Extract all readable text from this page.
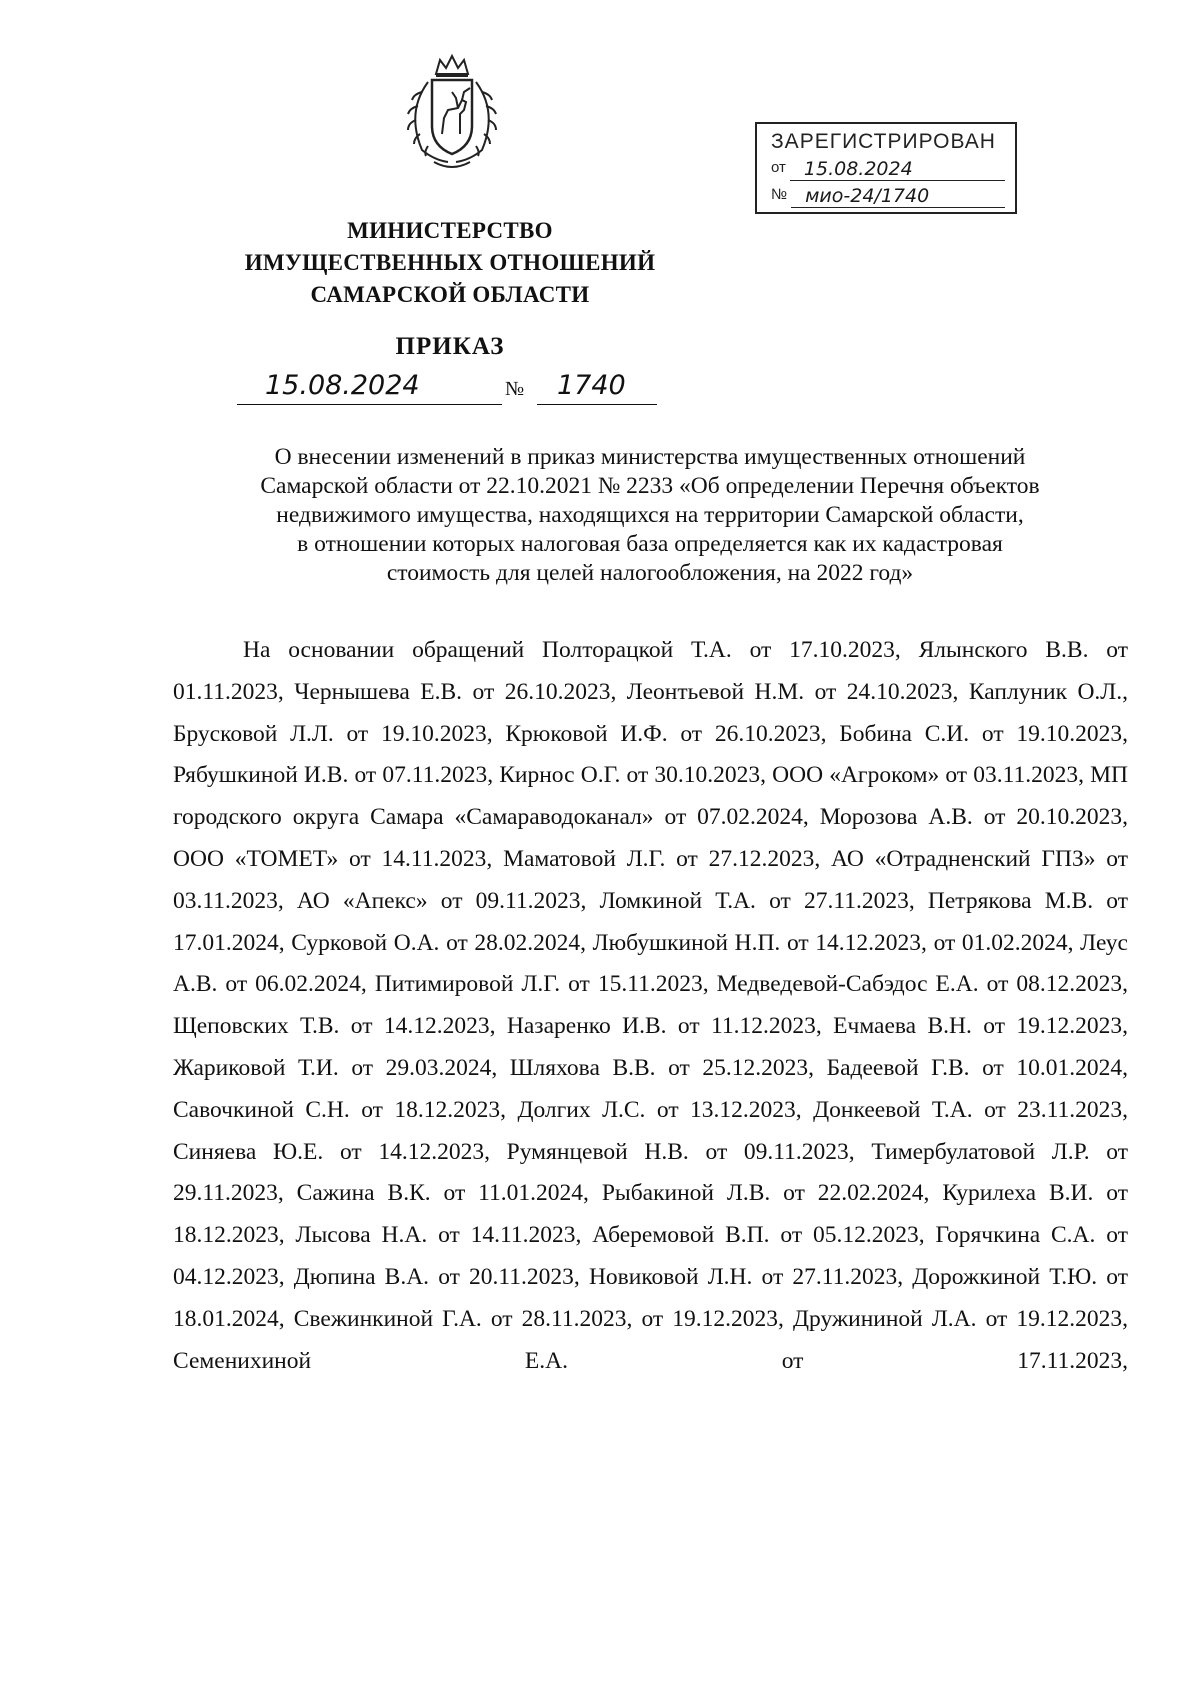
ЗАРЕГИСТРИРОВАН
от 15.08.2024
№ мио-24/1740
МИНИСТЕРСТВО
ИМУЩЕСТВЕННЫХ ОТНОШЕНИЙ
САМАРСКОЙ ОБЛАСТИ
ПРИКАЗ
15.08.2024	№	1740
О внесении изменений в приказ министерства имущественных отношений
Самарской области от 22.10.2021 № 2233 «Об определении Перечня объектов
недвижимого имущества, находящихся на территории Самарской области,
в отношении которых налоговая база определяется как их кадастровая
стоимость для целей налогообложения, на 2022 год»

На основании обращений Полторацкой Т.А. от 17.10.2023, Ялынского В.В. от 01.11.2023, Чернышева Е.В. от 26.10.2023, Леонтьевой Н.М. от 24.10.2023, Каплуник О.Л., Брусковой Л.Л. от 19.10.2023, Крюковой И.Ф. от 26.10.2023, Бобина С.И. от 19.10.2023, Рябушкиной И.В. от 07.11.2023, Кирнос О.Г. от 30.10.2023, ООО «Агроком» от 03.11.2023, МП городского округа Самара «Самараводоканал» от 07.02.2024, Морозова А.В. от 20.10.2023, ООО «ТОМЕТ» от 14.11.2023, Маматовой Л.Г. от 27.12.2023, АО «Отрадненский ГПЗ» от 03.11.2023, АО «Апекс» от 09.11.2023, Ломкиной Т.А. от 27.11.2023, Петрякова М.В. от 17.01.2024, Сурковой О.А. от 28.02.2024, Любушкиной Н.П. от 14.12.2023, от 01.02.2024, Леус А.В. от 06.02.2024, Питимировой Л.Г. от 15.11.2023, Медведевой-Сабэдос Е.А. от 08.12.2023, Щеповских Т.В. от 14.12.2023, Назаренко И.В. от 11.12.2023, Ечмаева В.Н. от 19.12.2023, Жариковой Т.И. от 29.03.2024, Шляхова В.В. от 25.12.2023, Бадеевой Г.В. от 10.01.2024, Савочкиной С.Н. от 18.12.2023, Долгих Л.С. от 13.12.2023, Донкеевой Т.А. от 23.11.2023, Синяева Ю.Е. от 14.12.2023, Румянцевой Н.В. от 09.11.2023, Тимербулатовой Л.Р. от 29.11.2023, Сажина В.К. от 11.01.2024, Рыбакиной Л.В. от 22.02.2024, Курилеха В.И. от 18.12.2023, Лысова Н.А. от 14.11.2023, Аберемовой В.П. от 05.12.2023, Горячкина С.А. от 04.12.2023, Дюпина В.А. от 20.11.2023, Новиковой Л.Н. от 27.11.2023, Дорожкиной Т.Ю. от 18.01.2024, Свежинкиной Г.А. от 28.11.2023, от 19.12.2023, Дружининой Л.А. от 19.12.2023, Семенихиной Е.А. от 17.11.2023,
